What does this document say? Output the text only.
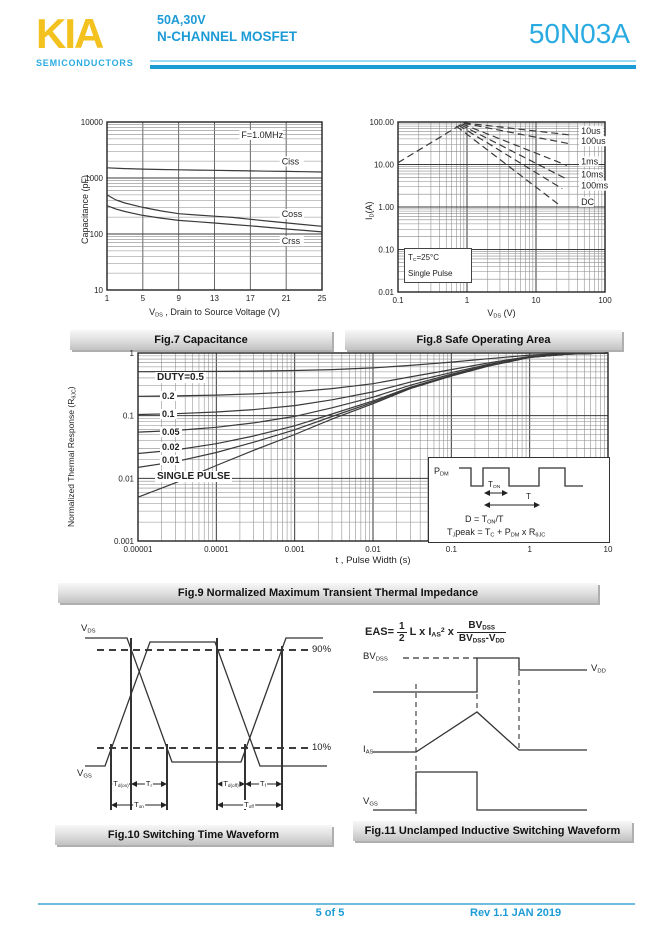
KIA
SEMICONDUCTORS
50A,30V
N-CHANNEL MOSFET	50N03A
1	5	9	13	17	21	25
10
100
1000
10000
F=1.0MHz
Ciss
Coss
Crss
Capacitance (pF)
$V_{DS}$ , Drain to Source Voltage (V)
Fig.7 Capacitance
0.1	1	10	100
0.01
0.10
1.00
10.00
100.00
10us
100us
1ms
10ms
100ms
DC
$I_D(A)$
$V_{DS}$ (V)
$T_C=25^\circ C$
Single Pulse
Fig.8 Safe Operating Area
0.00001	0.0001	0.001	0.01	0.1	1	10
0.001
0.01
0.1
1
Normalized Thermal Response $(R_{\theta JC})$
t , Pulse Width (s)
DUTY=0.5
0.2
0.1
0.05
0.02
0.01
SINGLE PULSE	$P_{DM}$
$T_{ON}$
T
$D = T_{ON}/T$
$T_Jpeak = T_C + P_{DM}$ x $R_{\theta JC}$
Fig.9 Normalized Maximum Transient Thermal Impedance
$V_{DS}$
$V_{GS}$
90%
10%
$T_{d(on)}$ $T_r$	$T_{d(off)}$	$T_f$
$T_{on}$	$T_{off}$
Fig.10 Switching Time Waveform
$EAS= \frac{1}{2}$ L x $I_{AS}^2$ x $\frac{BV_{DSS}}{BV_{DSS}-V_{DD}}$
$BV_{DSS}$
$V_{DD}$
$I_{AS}$
$V_{GS}$
Fig.11 Unclamped Inductive Switching Waveform
5 of 5	Rev 1.1 JAN 2019
